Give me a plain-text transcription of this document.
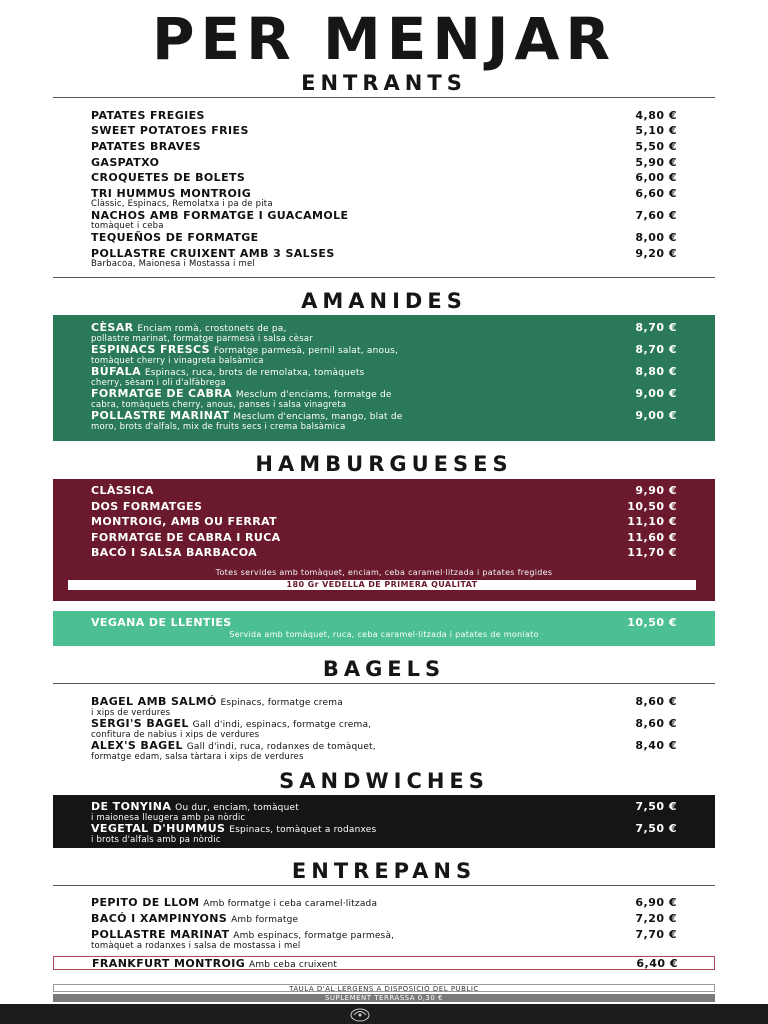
PER MENJAR
ENTRANTS
PATATES FREGIES	4,80 €
SWEET POTATOES FRIES	5,10 €
PATATES BRAVES	5,50 €
GASPATXO	5,90 €
CROQUETES DE BOLETS	6,00 €
TRI HUMMUS MONTROIG	6,60 €
Clàssic, Espinacs, Remolatxa i pa de pita
NACHOS AMB FORMATGE I GUACAMOLE	7,60 €
tomàquet i ceba
TEQUEÑOS DE FORMATGE	8,00 €
POLLASTRE CRUIXENT AMB 3 SALSES	9,20 €
Barbacoa, Maionesa i Mostassa i mel
AMANIDES
CÈSAR Enciam romà, crostonets de pa,	8,70 €
pollastre marinat, formatge parmesà i salsa cèsar
ESPINACS FRESCS Formatge parmesà, pernil salat, anous,	8,70 €
tomàquet cherry i vinagreta balsàmica
BÚFALA Espinacs, ruca, brots de remolatxa, tomàquets	8,80 €
cherry, sèsam i oli d'alfàbrega
FORMATGE DE CABRA Mesclum d'enciams, formatge de	9,00 €
cabra, tomàquets cherry, anous, panses i salsa vinagreta
POLLASTRE MARINAT Mesclum d'enciams, mango, blat de	9,00 €
moro, brots d'alfals, mix de fruits secs i crema balsàmica
HAMBURGUESES
CLÀSSICA	9,90 €
DOS FORMATGES	10,50 €
MONTROIG, AMB OU FERRAT	11,10 €
FORMATGE DE CABRA I RUCA	11,60 €
BACÓ I SALSA BARBACOA	11,70 €
Totes servides amb tomàquet, enciam, ceba caramel·litzada i patates fregides
180 Gr VEDELLA DE PRIMERA QUALITAT
VEGANA DE LLENTIES	10,50 €
Servida amb tomàquet, ruca, ceba caramel·litzada i patates de moniato
BAGELS
BAGEL AMB SALMÓ Espinacs, formatge crema	8,60 €
i xips de verdures
SERGI'S BAGEL Gall d'indi, espinacs, formatge crema,	8,60 €
confitura de nabius i xips de verdures
ALEX'S BAGEL Gall d'indi, ruca, rodanxes de tomàquet,	8,40 €
formatge edam, salsa tàrtara i xips de verdures
SANDWICHES
DE TONYINA Ou dur, enciam, tomàquet	7,50 €
i maionesa lleugera amb pa nòrdic
VEGETAL D'HUMMUS Espinacs, tomàquet a rodanxes	7,50 €
i brots d'alfals amb pa nòrdic
ENTREPANS
PEPITO DE LLOM Amb formatge i ceba caramel·litzada	6,90 €
BACÓ I XAMPINYONS Amb formatge	7,20 €
POLLASTRE MARINAT Amb espinacs, formatge parmesà,	7,70 €
tomàquet a rodanxes i salsa de mostassa i mel
FRANKFURT MONTROIG Amb ceba cruixent	6,40 €
TAULA D'AL·LERGENS A DISPOSICIÓ DEL PÚBLIC
SUPLEMENT TERRASSA 0,30 €
